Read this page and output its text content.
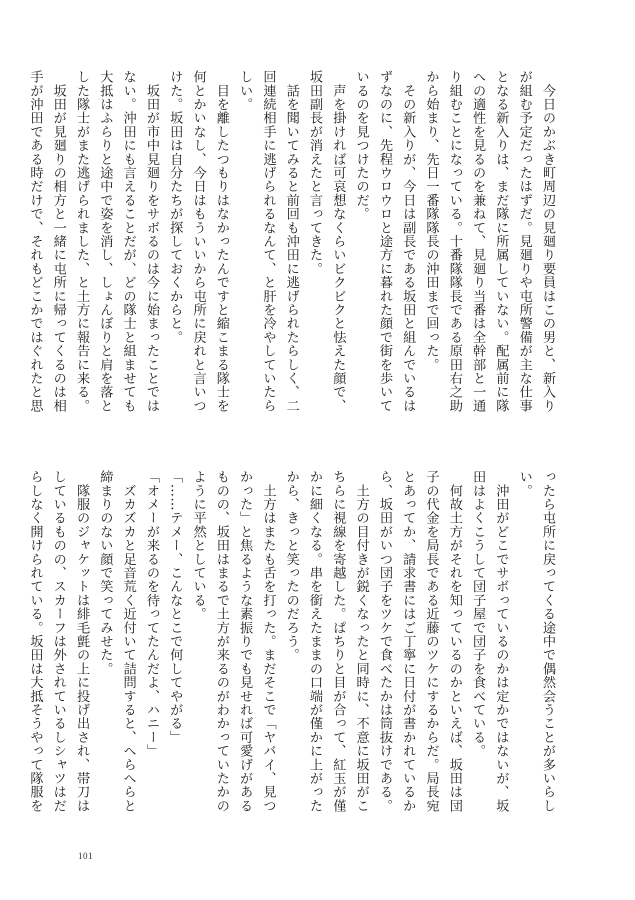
　今日のかぶき町周辺の見廻り要員はこの男と、新入り
が組む予定だったはずだ。見廻りや屯所警備が主な仕事
となる新入りは、まだ隊に所属していない。配属前に隊
への適性を見るのを兼ねて、見廻り当番は全幹部と一通
り組むことになっている。十番隊隊長である原田右之助
から始まり、先日一番隊隊長の沖田まで回った。
　その新入りが、今日は副長である坂田と組んでいるは
ずなのに、先程ウロウロと途方に暮れた顔で街を歩いて
いるのを見つけたのだ。
　声を掛ければ可哀想なくらいビクビクと怯えた顔で、
坂田副長が消えたと言ってきた。
　話を聞いてみると前回も沖田に逃げられたらしく、二
回連続相手に逃げられるなんて、と肝を冷やしていたら
しい。
　目を離したつもりはなかったんですと縮こまる隊士を
何とかいなし、今日はもういいから屯所に戻れと言いつ
けた。坂田は自分たちが探しておくからと。
　坂田が市中見廻りをサボるのは今に始まったことでは
ない。沖田にも言えることだが、どの隊士と組ませても
大抵はふらりと途中で姿を消し、しょんぼりと肩を落と
した隊士がまた逃げられました、と土方に報告に来る。
　坂田が見廻りの相方と一緒に屯所に帰ってくるのは相
手が沖田である時だけで、それもどこかではぐれたと思
ったら屯所に戻ってくる途中で偶然会うことが多いらし
い。
　沖田がどこでサボっているのかは定かではないが、坂
田はよくこうして団子屋で団子を食べている。
　何故土方がそれを知っているのかといえば、坂田は団
子の代金を局長である近藤のツケにするからだ。局長宛
とあってか、請求書にはご丁寧に日付が書かれているか
ら、坂田がいつ団子をツケで食べたかは筒抜けである。
　土方の目付きが鋭くなったと同時に、不意に坂田がこ
ちらに視線を寄越した。ぱちりと目が合って、紅玉が僅
かに細くなる。串を銜えたままの口端が僅かに上がった
から、きっと笑ったのだろう。
　土方はまたも舌を打った。まだそこで「ヤバイ、見つ
かった」と焦るような素振りでも見せれば可愛げがある
ものの、坂田はまるで土方が来るのがわかっていたかの
ように平然としている。
「……テメー、こんなとこで何してやがる」
「オメーが来るのを待ってたんだよ、ハニー」
　ズカズカと足音荒く近付いて詰問すると、へらへらと
締まりのない顔で笑ってみせた。
　隊服のジャケットは緋毛氈の上に投げ出され、帯刀は
しているものの、スカーフは外されているしシャツはだ
らしなく開けられている。坂田は大抵そうやって隊服を
101
